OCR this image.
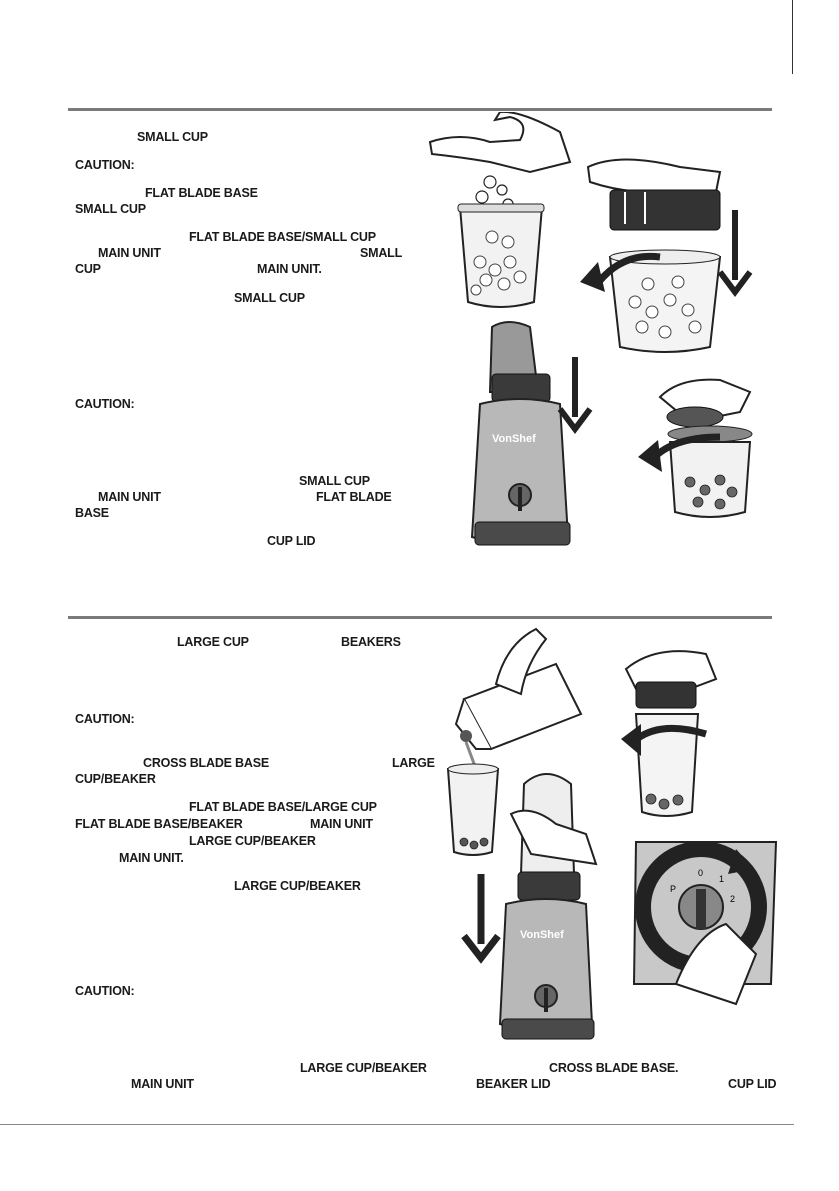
SMALL CUP
CAUTION:
FLAT BLADE BASE
SMALL CUP
FLAT BLADE BASE/SMALL CUP
MAIN UNIT	SMALL
CUP	MAIN UNIT.
SMALL CUP
CAUTION:
SMALL CUP
MAIN UNIT	FLAT BLADE
BASE
CUP LID
VonShef
LARGE CUP	BEAKERS
CAUTION:
CROSS BLADE BASE	LARGE
CUP/BEAKER
FLAT BLADE BASE/LARGE CUP
FLAT BLADE BASE/BEAKER	MAIN UNIT
LARGE CUP/BEAKER
MAIN UNIT.
LARGE CUP/BEAKER
CAUTION:
LARGE CUP/BEAKER	CROSS BLADE BASE.
MAIN UNIT	BEAKER LID	CUP LID
VonShef
P
0
1
2
